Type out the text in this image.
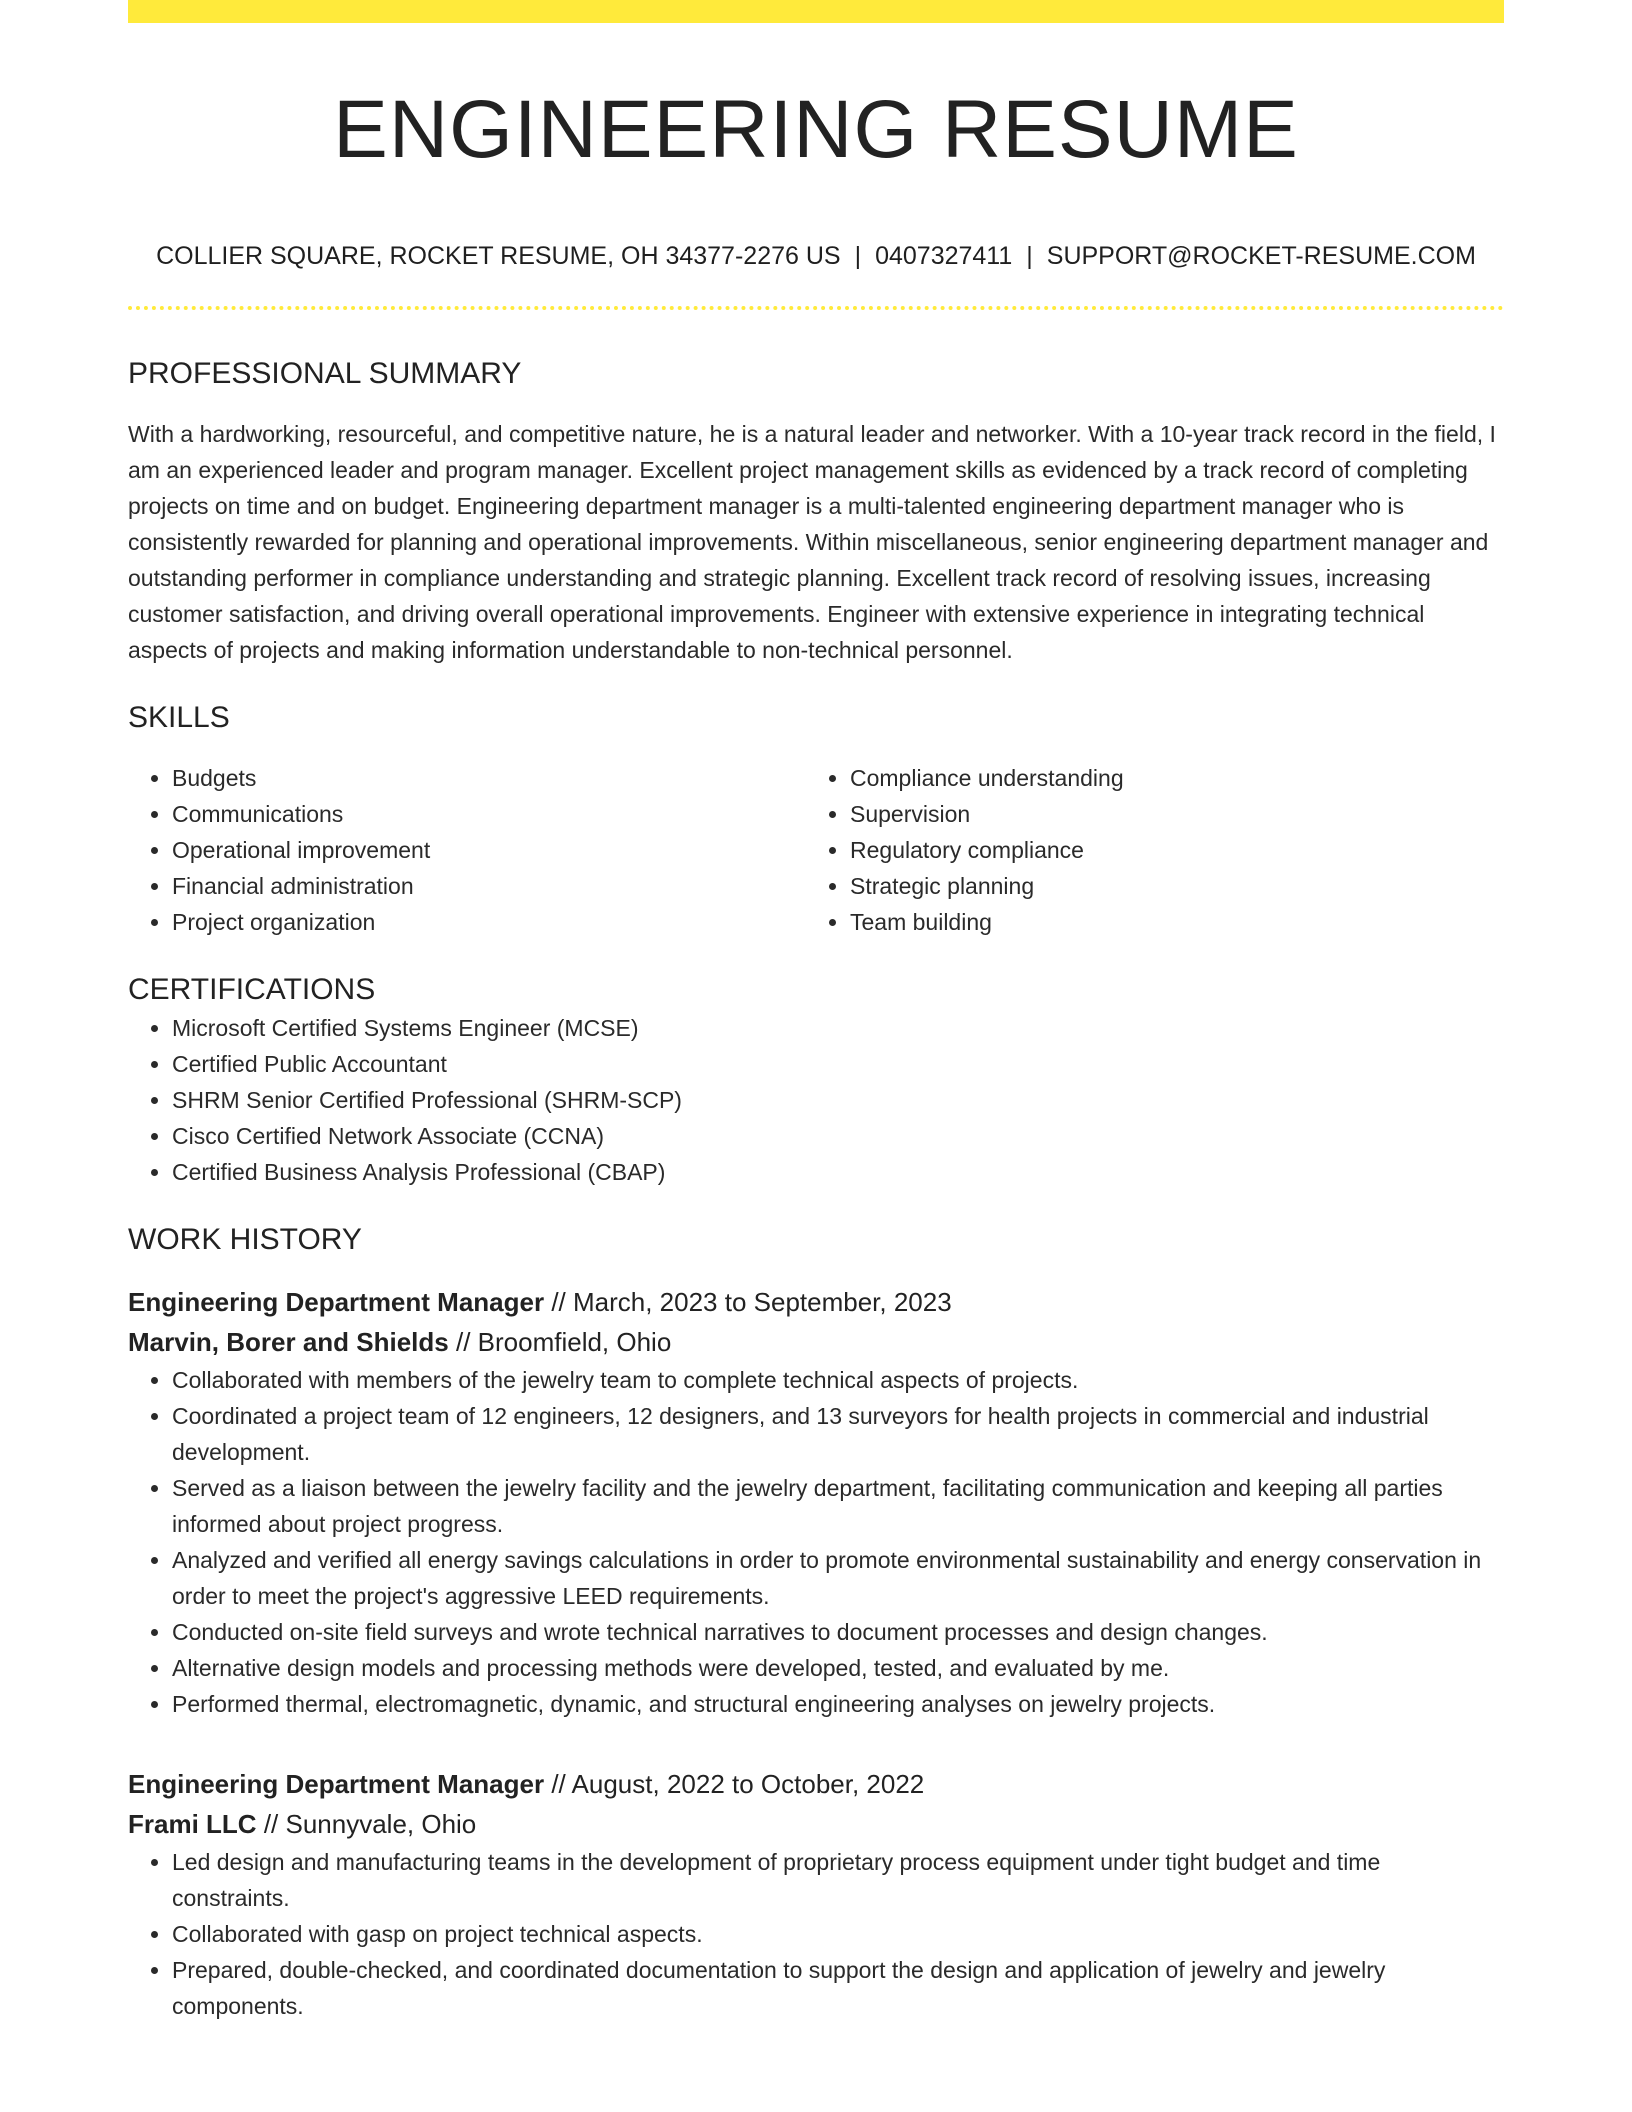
ENGINEERING RESUME
COLLIER SQUARE, ROCKET RESUME, OH 34377-2276 US | 0407327411 | SUPPORT@ROCKET-RESUME.COM
PROFESSIONAL SUMMARY

With a hardworking, resourceful, and competitive nature, he is a natural leader and networker. With a 10-year track record in the field, I am an experienced leader and program manager. Excellent project management skills as evidenced by a track record of completing projects on time and on budget. Engineering department manager is a multi-talented engineering department manager who is consistently rewarded for planning and operational improvements. Within miscellaneous, senior engineering department manager and outstanding performer in compliance understanding and strategic planning. Excellent track record of resolving issues, increasing customer satisfaction, and driving overall operational improvements. Engineer with extensive experience in integrating technical aspects of projects and making information understandable to non-technical personnel.

SKILLS
• Budgets
• Communications
• Operational improvement
• Financial administration
• Project organization
• Compliance understanding
• Supervision
• Regulatory compliance
• Strategic planning
• Team building
CERTIFICATIONS
• Microsoft Certified Systems Engineer (MCSE)
• Certified Public Accountant
• SHRM Senior Certified Professional (SHRM-SCP)
• Cisco Certified Network Associate (CCNA)
• Certified Business Analysis Professional (CBAP)
WORK HISTORY
Engineering Department Manager // March, 2023 to September, 2023
Marvin, Borer and Shields // Broomfield, Ohio
• Collaborated with members of the jewelry team to complete technical aspects of projects.
• Coordinated a project team of 12 engineers, 12 designers, and 13 surveyors for health projects in commercial and industrial development.
• Served as a liaison between the jewelry facility and the jewelry department, facilitating communication and keeping all parties informed about project progress.
• Analyzed and verified all energy savings calculations in order to promote environmental sustainability and energy conservation in order to meet the project's aggressive LEED requirements.
• Conducted on-site field surveys and wrote technical narratives to document processes and design changes.
• Alternative design models and processing methods were developed, tested, and evaluated by me.
• Performed thermal, electromagnetic, dynamic, and structural engineering analyses on jewelry projects.
Engineering Department Manager // August, 2022 to October, 2022
Frami LLC // Sunnyvale, Ohio
• Led design and manufacturing teams in the development of proprietary process equipment under tight budget and time constraints.
• Collaborated with gasp on project technical aspects.
• Prepared, double-checked, and coordinated documentation to support the design and application of jewelry and jewelry components.
